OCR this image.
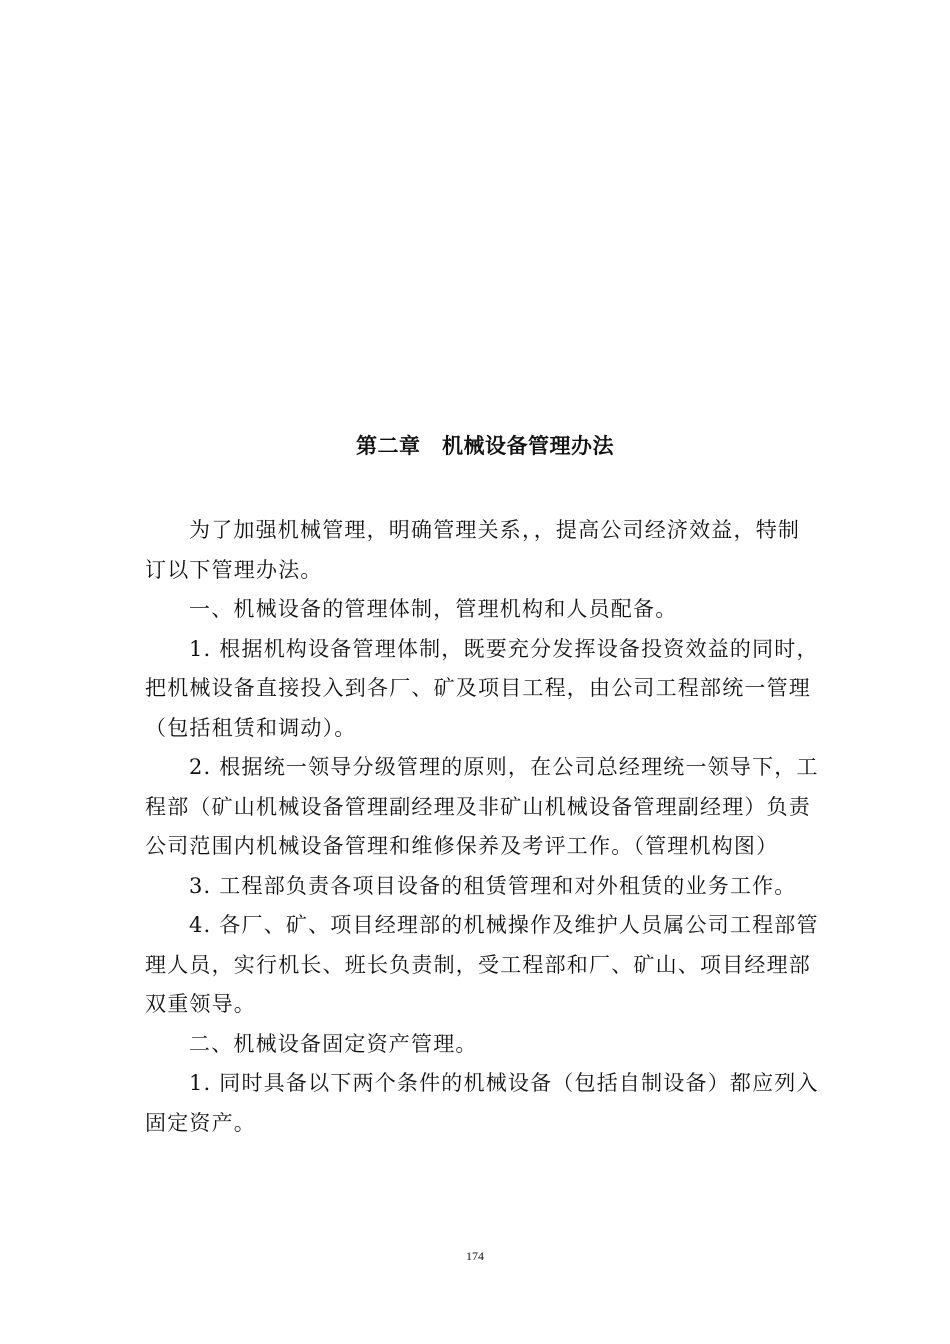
第二章　机械设备管理办法

为了加强机械管理，明确管理关系，，提高公司经济效益，特制订以下管理办法。

一、机械设备的管理体制，管理机构和人员配备。

1. 根据机构设备管理体制，既要充分发挥设备投资效益的同时，把机械设备直接投入到各厂、矿及项目工程，由公司工程部统一管理（包括租赁和调动）。

2. 根据统一领导分级管理的原则，在公司总经理统一领导下，工程部（矿山机械设备管理副经理及非矿山机械设备管理副经理）负责公司范围内机械设备管理和维修保养及考评工作。（管理机构图）

3. 工程部负责各项目设备的租赁管理和对外租赁的业务工作。

4. 各厂、矿、项目经理部的机械操作及维护人员属公司工程部管理人员，实行机长、班长负责制，受工程部和厂、矿山、项目经理部双重领导。

二、机械设备固定资产管理。

1. 同时具备以下两个条件的机械设备（包括自制设备）都应列入固定资产。

174
